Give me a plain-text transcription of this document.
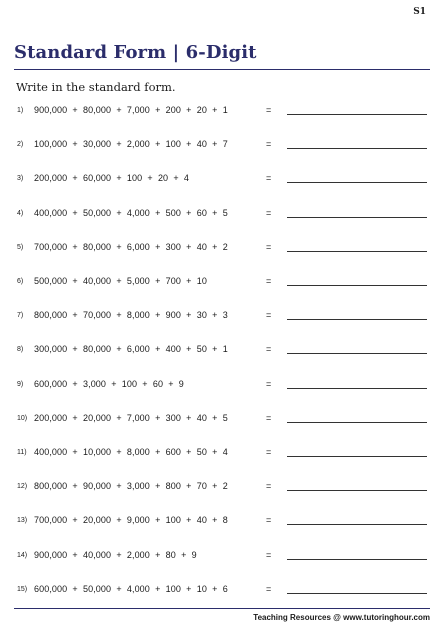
S1
Standard Form | 6-Digit
Write in the standard form.
1) 900,000  +  80,000  +  7,000  +  200  +  20  +  1	=
2) 100,000  +  30,000  +  2,000  +  100  +  40  +  7	=
3) 200,000  +  60,000  +  100  +  20  +  4	=
4) 400,000  +  50,000  +  4,000  +  500  +  60  +  5	=
5) 700,000  +  80,000  +  6,000  +  300  +  40  +  2	=
6) 500,000  +  40,000  +  5,000  +  700  +  10	=
7) 800,000  +  70,000  +  8,000  +  900  +  30  +  3	=
8) 300,000  +  80,000  +  6,000  +  400  +  50  +  1	=
9) 600,000  +  3,000  +  100  +  60  +  9	=
10) 200,000  +  20,000  +  7,000  +  300  +  40  +  5	=
11) 400,000  +  10,000  +  8,000  +  600  +  50  +  4	=
12) 800,000  +  90,000  +  3,000  +  800  +  70  +  2	=
13) 700,000  +  20,000  +  9,000  +  100  +  40  +  8	=
14) 900,000  +  40,000  +  2,000  +  80  +  9	=
15) 600,000  +  50,000  +  4,000  +  100  +  10  +  6	=
Teaching Resources @ www.tutoringhour.com
